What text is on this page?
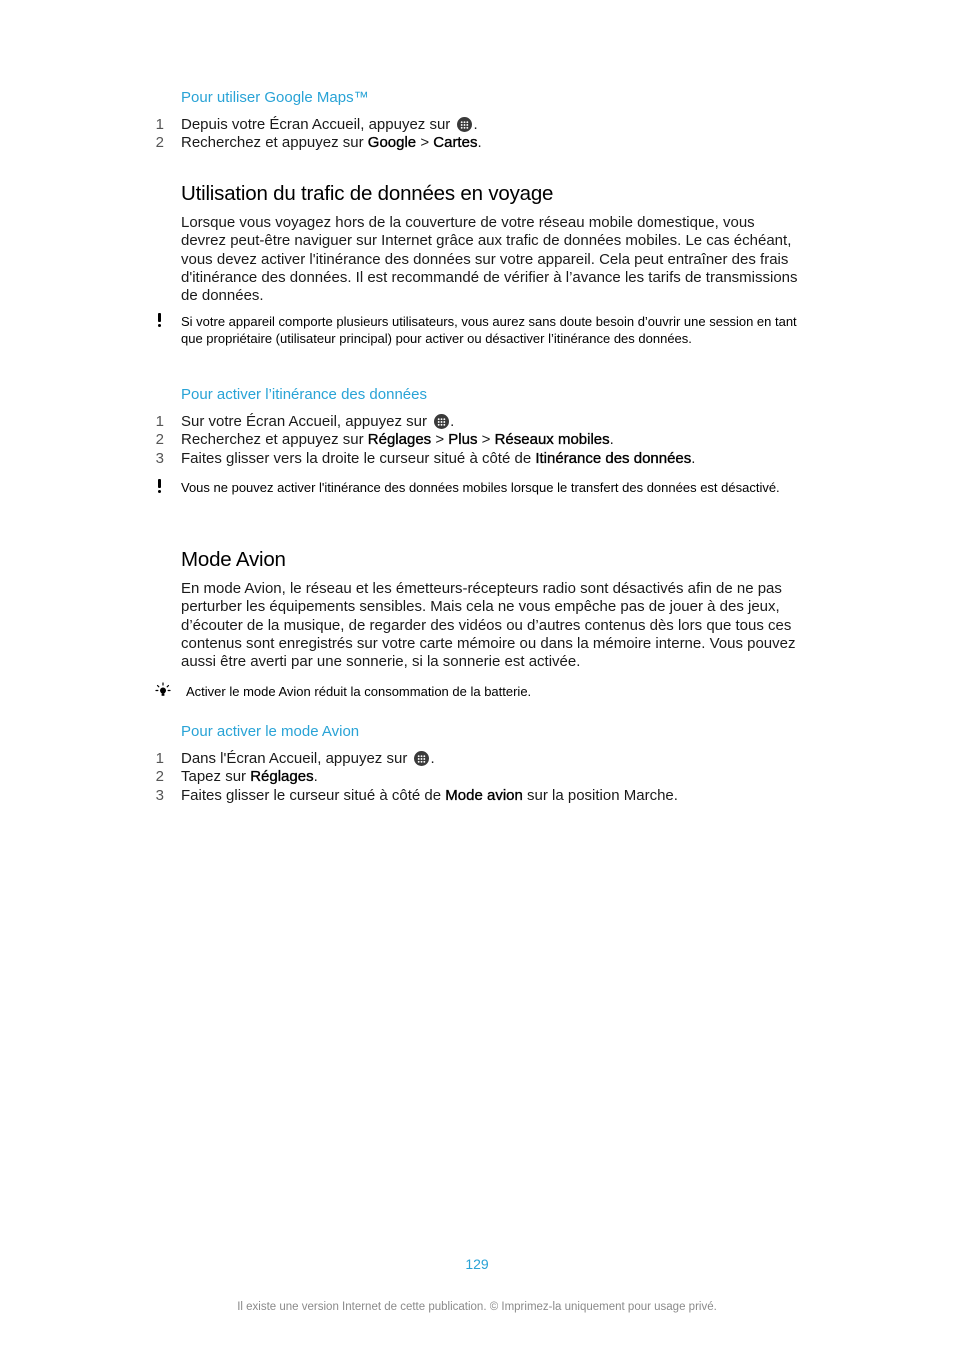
Pour utiliser Google Maps™
1 Depuis votre Écran Accueil, appuyez sur .
2 Recherchez et appuyez sur Google > Cartes.
Utilisation du trafic de données en voyage
Lorsque vous voyagez hors de la couverture de votre réseau mobile domestique, vous devrez peut-être naviguer sur Internet grâce aux trafic de données mobiles. Le cas échéant, vous devez activer l'itinérance des données sur votre appareil. Cela peut entraîner des frais d'itinérance des données. Il est recommandé de vérifier à l’avance les tarifs de transmissions de données.
Si votre appareil comporte plusieurs utilisateurs, vous aurez sans doute besoin d’ouvrir une session en tant que propriétaire (utilisateur principal) pour activer ou désactiver l’itinérance des données.
Pour activer l’itinérance des données
1 Sur votre Écran Accueil, appuyez sur .
2 Recherchez et appuyez sur Réglages > Plus > Réseaux mobiles.
3 Faites glisser vers la droite le curseur situé à côté de Itinérance des données.
Vous ne pouvez activer l'itinérance des données mobiles lorsque le transfert des données est désactivé.
Mode Avion
En mode Avion, le réseau et les émetteurs-récepteurs radio sont désactivés afin de ne pas perturber les équipements sensibles. Mais cela ne vous empêche pas de jouer à des jeux, d’écouter de la musique, de regarder des vidéos ou d’autres contenus dès lors que tous ces contenus sont enregistrés sur votre carte mémoire ou dans la mémoire interne. Vous pouvez aussi être averti par une sonnerie, si la sonnerie est activée.
Activer le mode Avion réduit la consommation de la batterie.
Pour activer le mode Avion
1 Dans l'Écran Accueil, appuyez sur .
2 Tapez sur Réglages.
3 Faites glisser le curseur situé à côté de Mode avion sur la position Marche.
129
Il existe une version Internet de cette publication. © Imprimez-la uniquement pour usage privé.
